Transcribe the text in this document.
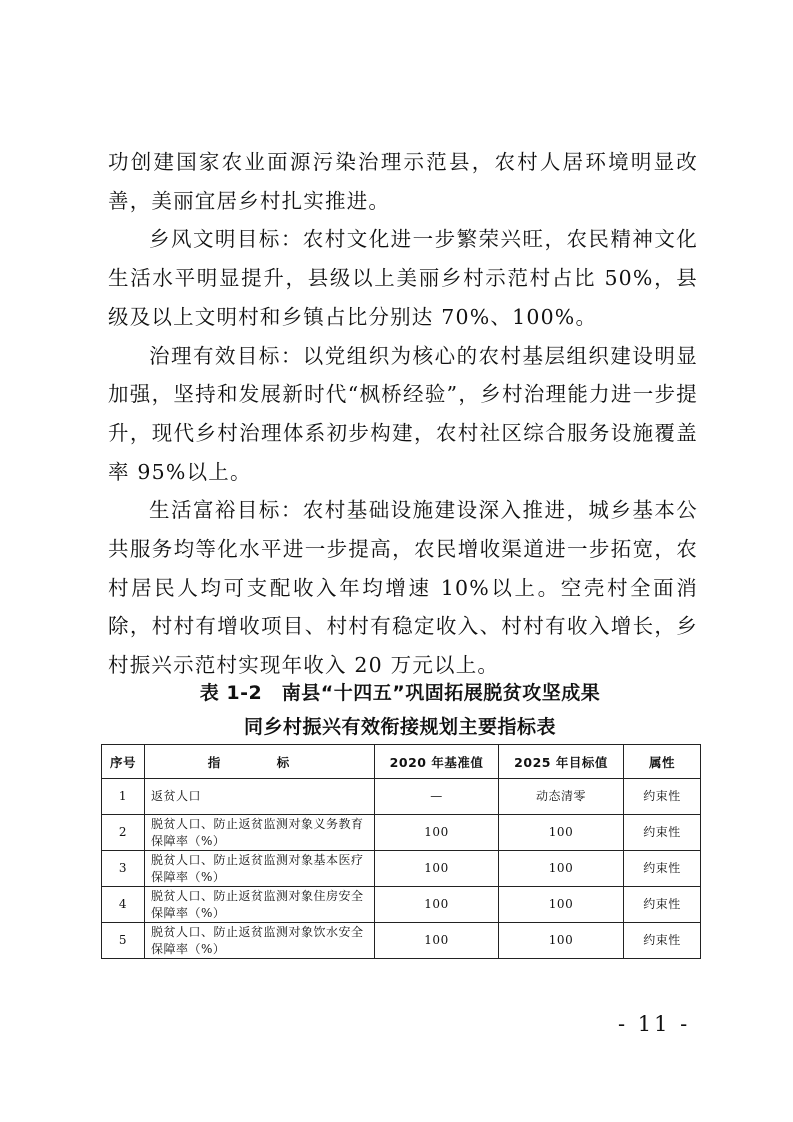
功创建国家农业面源污染治理示范县，农村人居环境明显改善，美丽宜居乡村扎实推进。

乡风文明目标：农村文化进一步繁荣兴旺，农民精神文化生活水平明显提升，县级以上美丽乡村示范村占比 50%，县级及以上文明村和乡镇占比分别达 70%、100%。

治理有效目标：以党组织为核心的农村基层组织建设明显加强，坚持和发展新时代“枫桥经验”，乡村治理能力进一步提升，现代乡村治理体系初步构建，农村社区综合服务设施覆盖率 95%以上。

生活富裕目标：农村基础设施建设深入推进，城乡基本公共服务均等化水平进一步提高，农民增收渠道进一步拓宽，农村居民人均可支配收入年均增速 10%以上。空壳村全面消除，村村有增收项目、村村有稳定收入、村村有收入增长，乡村振兴示范村实现年收入 20 万元以上。

表 1-2　南县“十四五”巩固拓展脱贫攻坚成果
同乡村振兴有效衔接规划主要指标表
序号	指　标	2020 年基准值	2025 年目标值	属性
1	返贫人口	—	动态清零	约束性
2	脱贫人口、防止返贫监测对象义务教育保障率（%）	100	100	约束性
3	脱贫人口、防止返贫监测对象基本医疗保障率（%）	100	100	约束性
4	脱贫人口、防止返贫监测对象住房安全保障率（%）	100	100	约束性
5	脱贫人口、防止返贫监测对象饮水安全保障率（%）	100	100	约束性
- 11 -
